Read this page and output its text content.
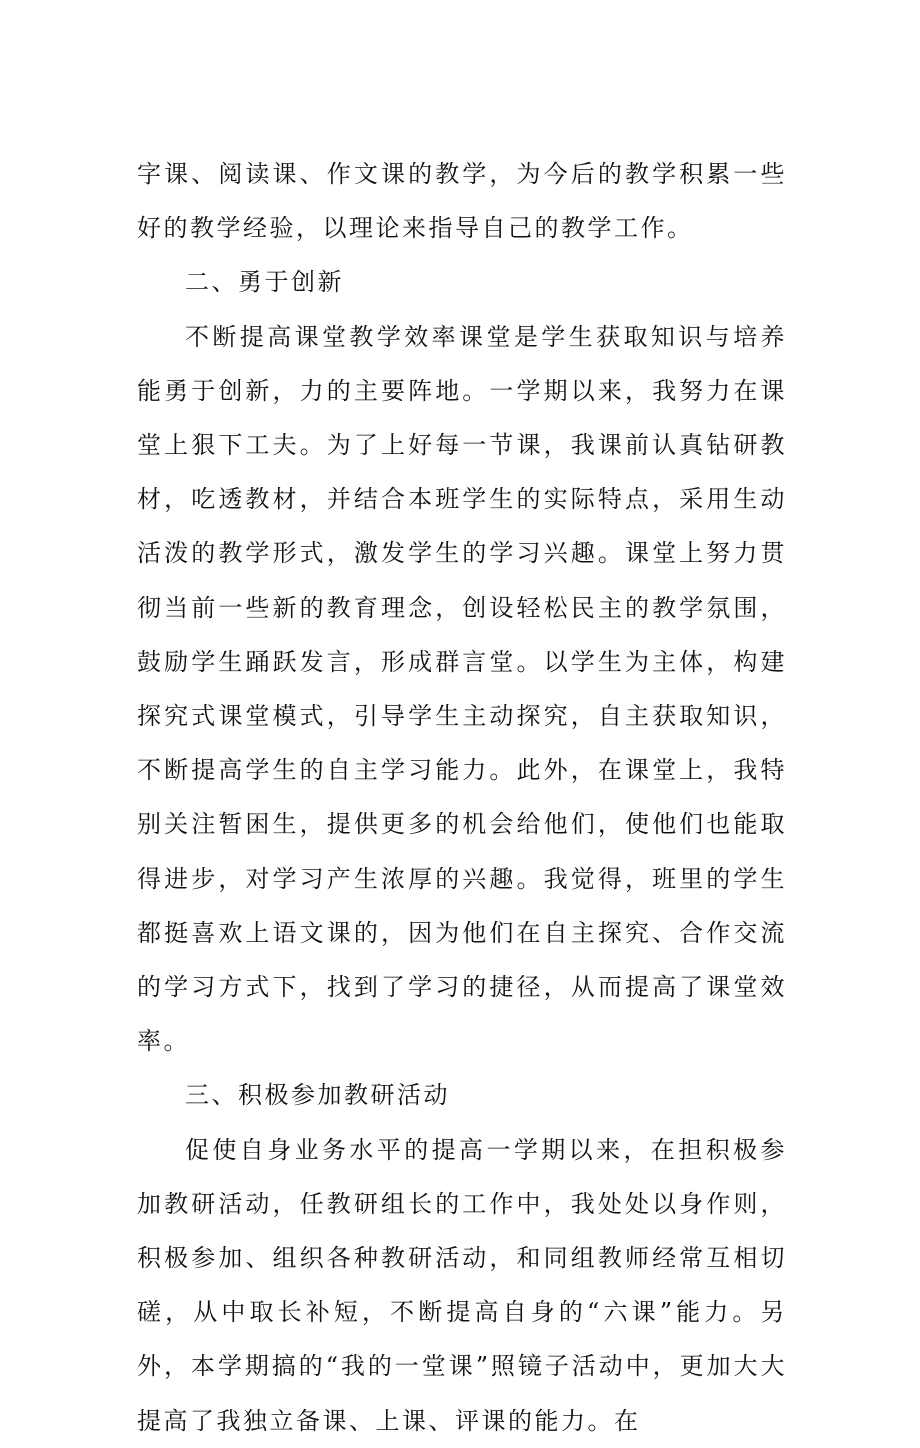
字课、阅读课、作文课的教学，为今后的教学积累一些好的教学经验，以理论来指导自己的教学工作。

二、勇于创新

不断提高课堂教学效率课堂是学生获取知识与培养能勇于创新，力的主要阵地。一学期以来，我努力在课堂上狠下工夫。为了上好每一节课，我课前认真钻研教材，吃透教材，并结合本班学生的实际特点，采用生动活泼的教学形式，激发学生的学习兴趣。课堂上努力贯彻当前一些新的教育理念，创设轻松民主的教学氛围，鼓励学生踊跃发言，形成群言堂。以学生为主体，构建探究式课堂模式，引导学生主动探究，自主获取知识，不断提高学生的自主学习能力。此外，在课堂上，我特别关注暂困生，提供更多的机会给他们，使他们也能取得进步，对学习产生浓厚的兴趣。我觉得，班里的学生都挺喜欢上语文课的，因为他们在自主探究、合作交流的学习方式下，找到了学习的捷径，从而提高了课堂效率。

三、积极参加教研活动

促使自身业务水平的提高一学期以来，在担积极参加教研活动，任教研组长的工作中，我处处以身作则，积极参加、组织各种教研活动，和同组教师经常互相切磋，从中取长补短，不断提高自身的“六课”能力。另外，本学期搞的“我的一堂课”照镜子活动中，更加大大提高了我独立备课、上课、评课的能力。在
